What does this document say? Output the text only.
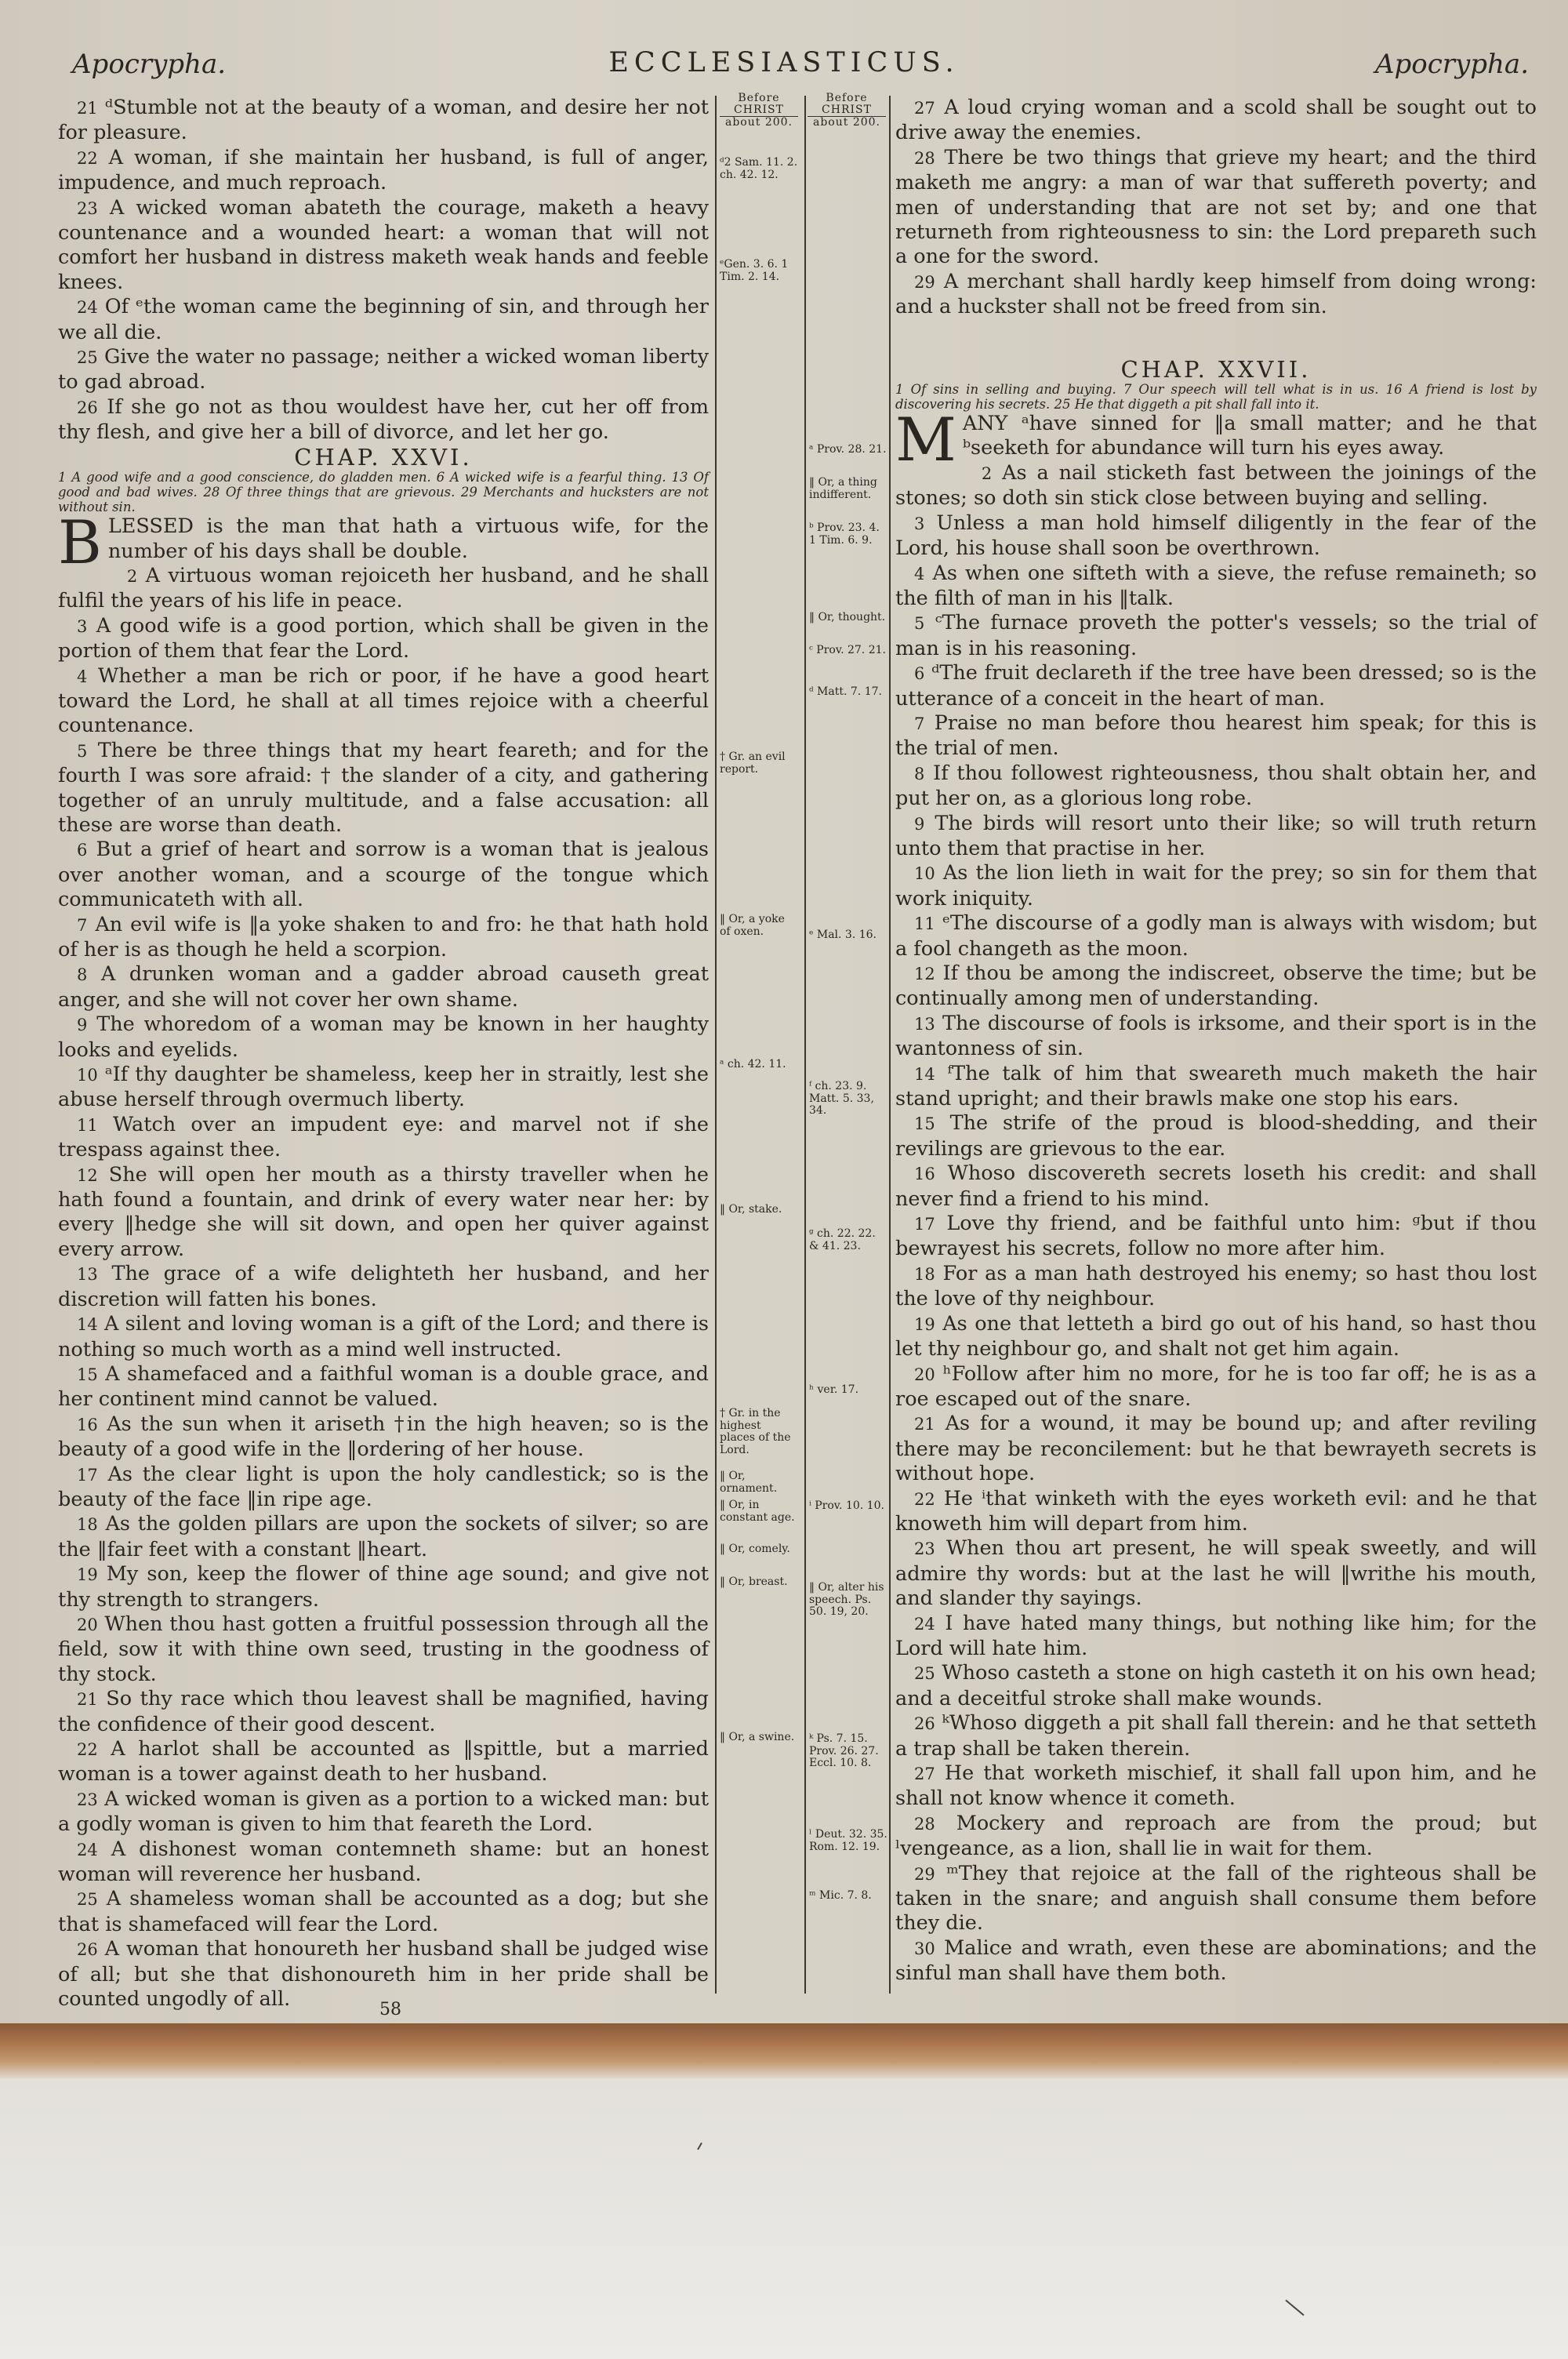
Apocrypha.	ECCLESIASTICUS.	Apocrypha.
Before
CHRIST
about 200.
Before
CHRIST
about 200.
ᵈ2 Sam. 11. 2. ch. 42. 12.
ᵉGen. 3. 6. 1 Tim. 2. 14.
† Gr. an evil report.
‖ Or, a yoke of oxen.
‖ Or, stake.
† Gr. in the highest places of the Lord.
‖ Or, ornament.
‖ Or, in constant age.
‖ Or, comely.
‖ Or, breast.
‖ Or, a swine.
ᵃ Prov. 28. 21.
‖ Or, a thing indifferent.
ᵇ Prov. 23. 4. 1 Tim. 6. 9.
‖ Or, thought.
ᶜ Prov. 27. 21.
ᵈ Matt. 7. 17.
ᵉ Mal. 3. 16.
ᵃ ch. 42. 11.
ᶠ ch. 23. 9. Matt. 5. 33, 34.
ᵍ ch. 22. 22. & 41. 23.
ʰ ver. 17.
ⁱ Prov. 10. 10.
‖ Or, alter his speech. Ps. 50. 19, 20.
ᵏ Ps. 7. 15. Prov. 26. 27. Eccl. 10. 8.
ˡ Deut. 32. 35. Rom. 12. 19.
ᵐ Mic. 7. 8.

21 ᵈStumble not at the beauty of a woman, and desire her not for pleasure.

22 A woman, if she maintain her husband, is full of anger, impudence, and much reproach.

23 A wicked woman abateth the courage, maketh a heavy countenance and a wounded heart: a woman that will not comfort her husband in distress maketh weak hands and feeble knees.

24 Of ᵉthe woman came the beginning of sin, and through her we all die.

25 Give the water no passage; neither a wicked woman liberty to gad abroad.

26 If she go not as thou wouldest have her, cut her off from thy flesh, and give her a bill of divorce, and let her go.

CHAP. XXVI.

1 A good wife and a good conscience, do gladden men. 6 A wicked wife is a fearful thing. 13 Of good and bad wives. 28 Of three things that are grievous. 29 Merchants and hucksters are not without sin.

BLESSED is the man that hath a virtuous wife, for the number of his days shall be double.

2 A virtuous woman rejoiceth her husband, and he shall fulfil the years of his life in peace.

3 A good wife is a good portion, which shall be given in the portion of them that fear the Lord.

4 Whether a man be rich or poor, if he have a good heart toward the Lord, he shall at all times rejoice with a cheerful countenance.

5 There be three things that my heart feareth; and for the fourth I was sore afraid: † the slander of a city, and gathering together of an unruly multitude, and a false accusation: all these are worse than death.

6 But a grief of heart and sorrow is a woman that is jealous over another woman, and a scourge of the tongue which communicateth with all.

7 An evil wife is ‖a yoke shaken to and fro: he that hath hold of her is as though he held a scorpion.

8 A drunken woman and a gadder abroad causeth great anger, and she will not cover her own shame.

9 The whoredom of a woman may be known in her haughty looks and eyelids.

10 ᵃIf thy daughter be shameless, keep her in straitly, lest she abuse herself through overmuch liberty.

11 Watch over an impudent eye: and marvel not if she trespass against thee.

12 She will open her mouth as a thirsty traveller when he hath found a fountain, and drink of every water near her: by every ‖hedge she will sit down, and open her quiver against every arrow.

13 The grace of a wife delighteth her husband, and her discretion will fatten his bones.

14 A silent and loving woman is a gift of the Lord; and there is nothing so much worth as a mind well instructed.

15 A shamefaced and a faithful woman is a double grace, and her continent mind cannot be valued.

16 As the sun when it ariseth †in the high heaven; so is the beauty of a good wife in the ‖ordering of her house.

17 As the clear light is upon the holy candlestick; so is the beauty of the face ‖in ripe age.

18 As the golden pillars are upon the sockets of silver; so are the ‖fair feet with a constant ‖heart.

19 My son, keep the flower of thine age sound; and give not thy strength to strangers.

20 When thou hast gotten a fruitful possession through all the field, sow it with thine own seed, trusting in the goodness of thy stock.

21 So thy race which thou leavest shall be magnified, having the confidence of their good descent.

22 A harlot shall be accounted as ‖spittle, but a married woman is a tower against death to her husband.

23 A wicked woman is given as a portion to a wicked man: but a godly woman is given to him that feareth the Lord.

24 A dishonest woman contemneth shame: but an honest woman will reverence her husband.

25 A shameless woman shall be accounted as a dog; but she that is shamefaced will fear the Lord.

26 A woman that honoureth her husband shall be judged wise of all; but she that dishonoureth him in her pride shall be counted ungodly of all.	58

27 A loud crying woman and a scold shall be sought out to drive away the enemies.

28 There be two things that grieve my heart; and the third maketh me angry: a man of war that suffereth poverty; and men of understanding that are not set by; and one that returneth from righteousness to sin: the Lord prepareth such a one for the sword.

29 A merchant shall hardly keep himself from doing wrong: and a huckster shall not be freed from sin.

CHAP. XXVII.

1 Of sins in selling and buying. 7 Our speech will tell what is in us. 16 A friend is lost by discovering his secrets. 25 He that diggeth a pit shall fall into it.

MANY ᵃhave sinned for ‖a small matter; and he that ᵇseeketh for abundance will turn his eyes away.

2 As a nail sticketh fast between the joinings of the stones; so doth sin stick close between buying and selling.

3 Unless a man hold himself diligently in the fear of the Lord, his house shall soon be overthrown.

4 As when one sifteth with a sieve, the refuse remaineth; so the filth of man in his ‖talk.

5 ᶜThe furnace proveth the potter's vessels; so the trial of man is in his reasoning.

6 ᵈThe fruit declareth if the tree have been dressed; so is the utterance of a conceit in the heart of man.

7 Praise no man before thou hearest him speak; for this is the trial of men.

8 If thou followest righteousness, thou shalt obtain her, and put her on, as a glorious long robe.

9 The birds will resort unto their like; so will truth return unto them that practise in her.

10 As the lion lieth in wait for the prey; so sin for them that work iniquity.

11 ᵉThe discourse of a godly man is always with wisdom; but a fool changeth as the moon.

12 If thou be among the indiscreet, observe the time; but be continually among men of understanding.

13 The discourse of fools is irksome, and their sport is in the wantonness of sin.

14 ᶠThe talk of him that sweareth much maketh the hair stand upright; and their brawls make one stop his ears.

15 The strife of the proud is blood-shedding, and their revilings are grievous to the ear.

16 Whoso discovereth secrets loseth his credit: and shall never find a friend to his mind.

17 Love thy friend, and be faithful unto him: ᵍbut if thou bewrayest his secrets, follow no more after him.

18 For as a man hath destroyed his enemy; so hast thou lost the love of thy neighbour.

19 As one that letteth a bird go out of his hand, so hast thou let thy neighbour go, and shalt not get him again.

20 ʰFollow after him no more, for he is too far off; he is as a roe escaped out of the snare.

21 As for a wound, it may be bound up; and after reviling there may be reconcilement: but he that bewrayeth secrets is without hope.

22 He ⁱthat winketh with the eyes worketh evil: and he that knoweth him will depart from him.

23 When thou art present, he will speak sweetly, and will admire thy words: but at the last he will ‖writhe his mouth, and slander thy sayings.

24 I have hated many things, but nothing like him; for the Lord will hate him.

25 Whoso casteth a stone on high casteth it on his own head; and a deceitful stroke shall make wounds.

26 ᵏWhoso diggeth a pit shall fall therein: and he that setteth a trap shall be taken therein.

27 He that worketh mischief, it shall fall upon him, and he shall not know whence it cometh.

28 Mockery and reproach are from the proud; but ˡvengeance, as a lion, shall lie in wait for them.

29 ᵐThey that rejoice at the fall of the righteous shall be taken in the snare; and anguish shall consume them before they die.

30 Malice and wrath, even these are abominations; and the sinful man shall have them both.
